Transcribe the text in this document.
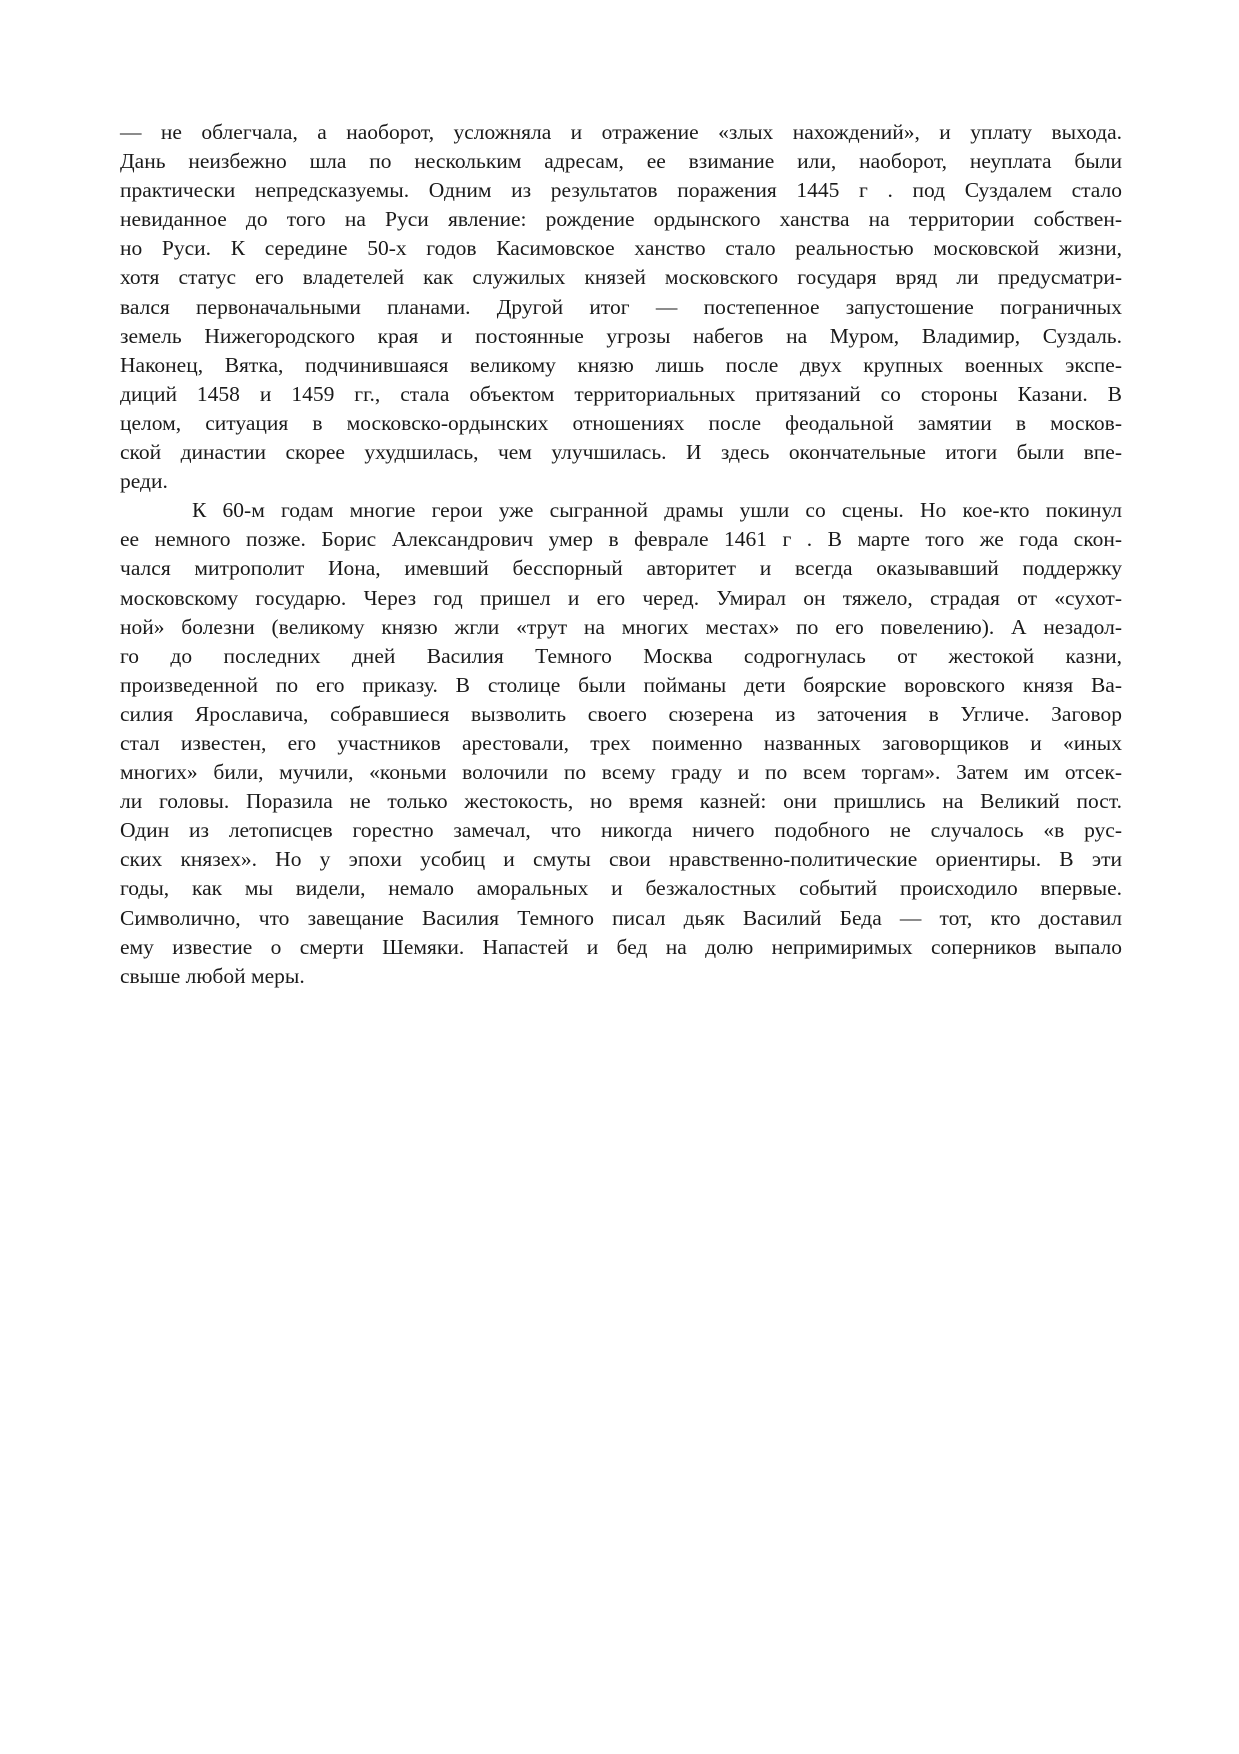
— не облегчала, а наоборот, усложняла и отражение «злых нахождений», и уплату выхода.
Дань неизбежно шла по нескольким адресам, ее взимание или, наоборот, неуплата были
практически непредсказуемы. Одним из результатов поражения 1445 г . под Суздалем стало
невиданное до того на Руси явление: рождение ордынского ханства на территории собствен-
но Руси. К середине 50-х годов Касимовское ханство стало реальностью московской жизни,
хотя статус его владетелей как служилых князей московского государя вряд ли предусматри-
вался первоначальными планами. Другой итог — постепенное запустошение пограничных
земель Нижегородского края и постоянные угрозы набегов на Муром, Владимир, Суздаль.
Наконец, Вятка, подчинившаяся великому князю лишь после двух крупных военных экспе-
диций 1458 и 1459 гг., стала объектом территориальных притязаний со стороны Казани. В
целом, ситуация в московско-ордынских отношениях после феодальной замятии в москов-
ской династии скорее ухудшилась, чем улучшилась. И здесь окончательные итоги были впе-
реди.
К 60-м годам многие герои уже сыгранной драмы ушли со сцены. Но кое-кто покинул
ее немного позже. Борис Александрович умер в феврале 1461 г . В марте того же года скон-
чался митрополит Иона, имевший бесспорный авторитет и всегда оказывавший поддержку
московскому государю. Через год пришел и его черед. Умирал он тяжело, страдая от «сухот-
ной» болезни (великому князю жгли «трут на многих местах» по его повелению). А незадол-
го до последних дней Василия Темного Москва содрогнулась от жестокой казни,
произведенной по его приказу. В столице были пойманы дети боярские воровского князя Ва-
силия Ярославича, собравшиеся вызволить своего сюзерена из заточения в Угличе. Заговор
стал известен, его участников арестовали, трех поименно названных заговорщиков и «иных
многих» били, мучили, «коньми волочили по всему граду и по всем торгам». Затем им отсек-
ли головы. Поразила не только жестокость, но время казней: они пришлись на Великий пост.
Один из летописцев горестно замечал, что никогда ничего подобного не случалось «в рус-
ских князех». Но у эпохи усобиц и смуты свои нравственно-политические ориентиры. В эти
годы, как мы видели, немало аморальных и безжалостных событий происходило впервые.
Символично, что завещание Василия Темного писал дьяк Василий Беда — тот, кто доставил
ему известие о смерти Шемяки. Напастей и бед на долю непримиримых соперников выпало
свыше любой меры.
